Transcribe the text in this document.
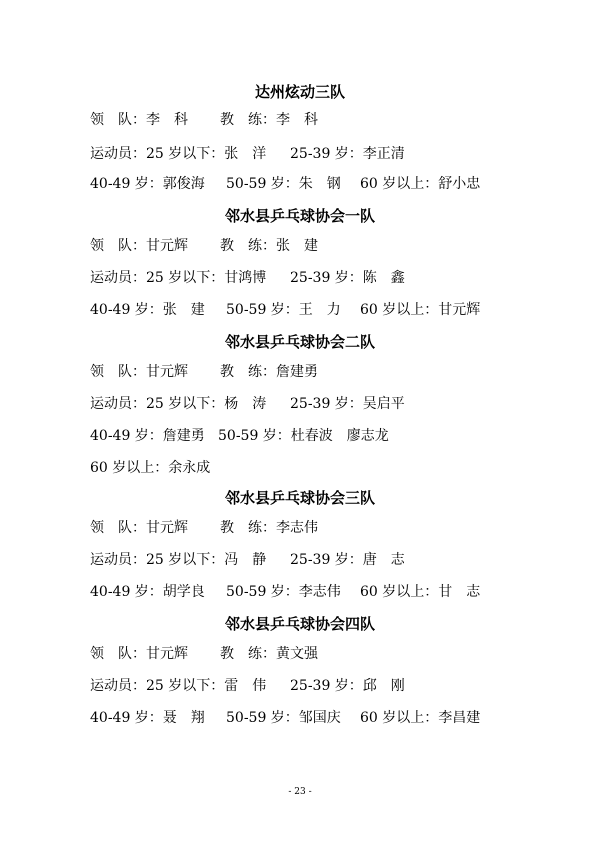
达州炫动三队
领　队：李　科 教　练：李　科
运动员：25 岁以下：张　洋 25-39 岁：李正清
40-49 岁：郭俊海 50-59 岁：朱　钢 60 岁以上：舒小忠
邻水县乒乓球协会一队
领　队：甘元辉 教　练：张　建
运动员：25 岁以下：甘鸿博 25-39 岁：陈　鑫
40-49 岁：张　建 50-59 岁：王　力 60 岁以上：甘元辉
邻水县乒乓球协会二队
领　队：甘元辉 教　练：詹建勇
运动员：25 岁以下：杨　涛 25-39 岁：吴启平
40-49 岁：詹建勇 50-59 岁：杜春波　廖志龙
60 岁以上：余永成
邻水县乒乓球协会三队
领　队：甘元辉 教　练：李志伟
运动员：25 岁以下：冯　静 25-39 岁：唐　志
40-49 岁：胡学良 50-59 岁：李志伟 60 岁以上：甘　志
邻水县乒乓球协会四队
领　队：甘元辉 教　练：黄文强
运动员：25 岁以下：雷　伟 25-39 岁：邱　刚
40-49 岁：聂　翔 50-59 岁：邹国庆 60 岁以上：李昌建
- 23 -
